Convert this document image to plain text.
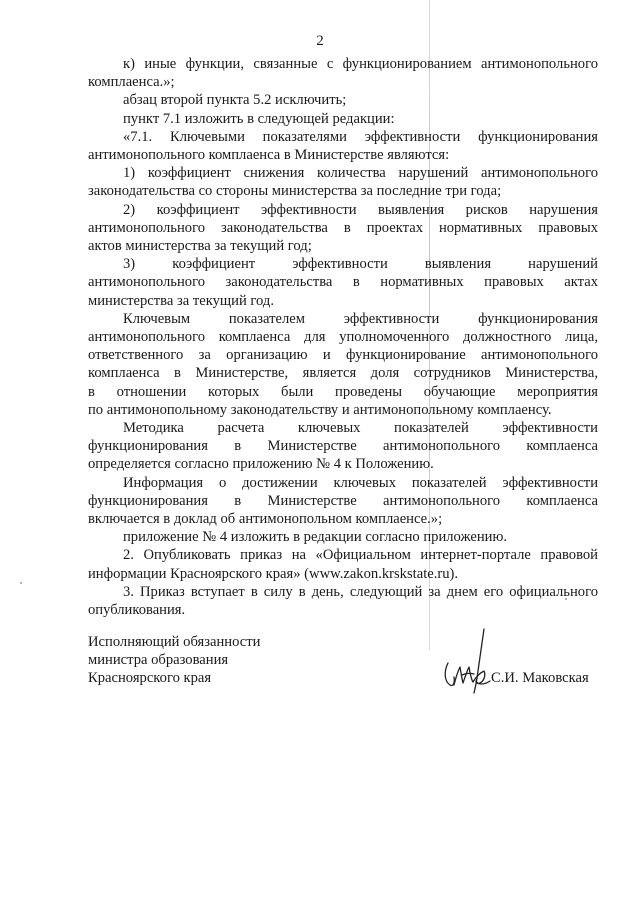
2

к) иные функции, связанные с функционированием антимонопольного

комплаенса.»;

абзац второй пункта 5.2 исключить;

пункт 7.1 изложить в следующей редакции:

«7.1. Ключевыми показателями эффективности функционирования

антимонопольного комплаенса в Министерстве являются:

1) коэффициент снижения количества нарушений антимонопольного

законодательства со стороны министерства за последние три года;

2) коэффициент эффективности выявления рисков нарушения

антимонопольного законодательства в проектах нормативных правовых

актов министерства за текущий год;

3) коэффициент эффективности выявления нарушений

антимонопольного законодательства в нормативных правовых актах

министерства за текущий год.

Ключевым показателем эффективности функционирования

антимонопольного комплаенса для уполномоченного должностного лица,

ответственного за организацию и функционирование антимонопольного

комплаенса в Министерстве, является доля сотрудников Министерства,

в отношении которых были проведены обучающие мероприятия

по антимонопольному законодательству и антимонопольному комплаенсу.

Методика расчета ключевых показателей эффективности

функционирования в Министерстве антимонопольного комплаенса

определяется согласно приложению № 4 к Положению.

Информация о достижении ключевых показателей эффективности

функционирования в Министерстве антимонопольного комплаенса

включается в доклад об антимонопольном комплаенсе.»;

приложение № 4 изложить в редакции согласно приложению.

2. Опубликовать приказ на «Официальном интернет-портале правовой

информации Красноярского края» (www.zakon.krskstate.ru).

3. Приказ вступает в силу в день, следующий за днем его официального

опубликования.

Исполняющий обязанности
министра образования
Красноярского края	С.И. Маковская
